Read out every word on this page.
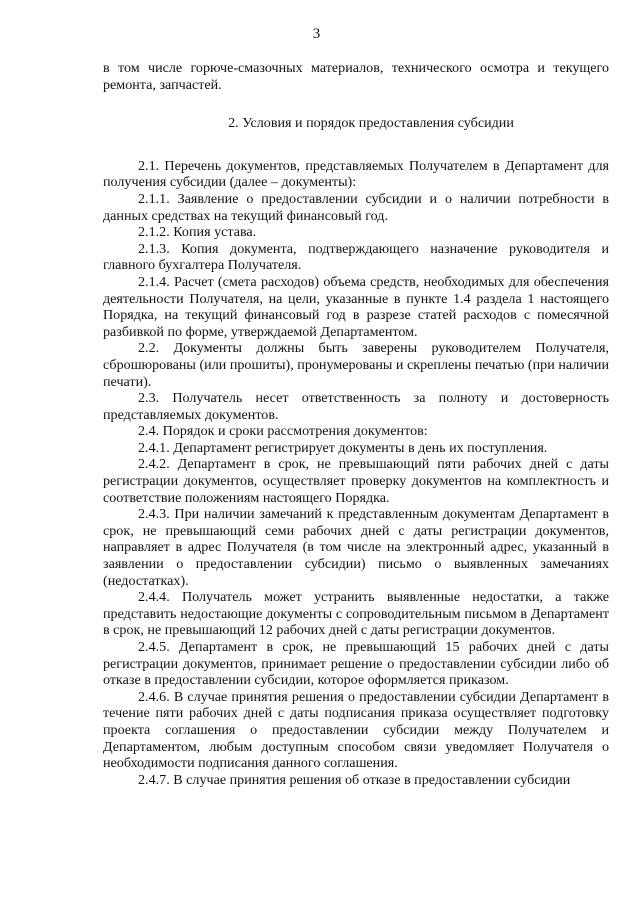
3

в том числе горюче-смазочных материалов, технического осмотра и текущего ремонта, запчастей.

2. Условия и порядок предоставления субсидии

2.1. Перечень документов, представляемых Получателем в Департамент для получения субсидии (далее – документы):

2.1.1. Заявление о предоставлении субсидии и о наличии потребности в данных средствах на текущий финансовый год.

2.1.2. Копия устава.

2.1.3. Копия документа, подтверждающего назначение руководителя и главного бухгалтера Получателя.

2.1.4. Расчет (смета расходов) объема средств, необходимых для обеспечения деятельности Получателя, на цели, указанные в пункте 1.4 раздела 1 настоящего Порядка, на текущий финансовый год в разрезе статей расходов с помесячной разбивкой по форме, утверждаемой Департаментом.

2.2. Документы должны быть заверены руководителем Получателя, сброшюрованы (или прошиты), пронумерованы и скреплены печатью (при наличии печати).

2.3. Получатель несет ответственность за полноту и достоверность представляемых документов.

2.4. Порядок и сроки рассмотрения документов:

2.4.1. Департамент регистрирует документы в день их поступления.

2.4.2. Департамент в срок, не превышающий пяти рабочих дней с даты регистрации документов, осуществляет проверку документов на комплектность и соответствие положениям настоящего Порядка.

2.4.3. При наличии замечаний к представленным документам Департамент в срок, не превышающий семи рабочих дней с даты регистрации документов, направляет в адрес Получателя (в том числе на электронный адрес, указанный в заявлении о предоставлении субсидии) письмо о выявленных замечаниях (недостатках).

2.4.4. Получатель может устранить выявленные недостатки, а также представить недостающие документы с сопроводительным письмом в Департамент в срок, не превышающий 12 рабочих дней с даты регистрации документов.

2.4.5. Департамент в срок, не превышающий 15 рабочих дней с даты регистрации документов, принимает решение о предоставлении субсидии либо об отказе в предоставлении субсидии, которое оформляется приказом.

2.4.6. В случае принятия решения о предоставлении субсидии Департамент в течение пяти рабочих дней с даты подписания приказа осуществляет подготовку проекта соглашения о предоставлении субсидии между Получателем и Департаментом, любым доступным способом связи уведомляет Получателя о необходимости подписания данного соглашения.

2.4.7. В случае принятия решения об отказе в предоставлении субсидии
